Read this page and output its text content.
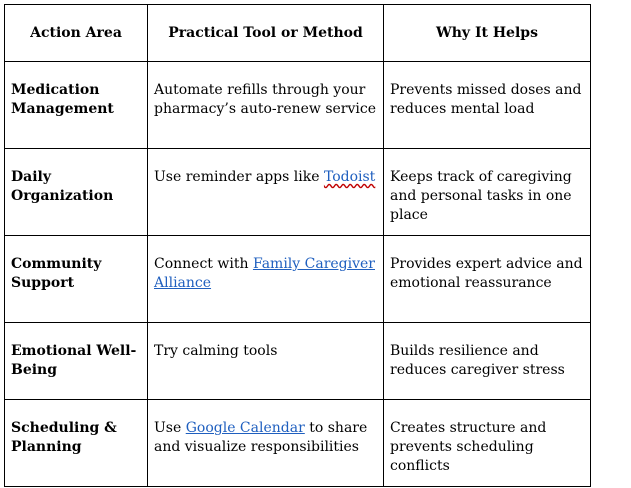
Action Area	Practical Tool or Method	Why It Helps

Medication Management	Automate refills through your pharmacy’s auto-renew service	Prevents missed doses and reduces mental load

Daily Organization	Use reminder apps like Todoist	Keeps track of caregiving and personal tasks in one place

Community Support	Connect with Family Caregiver Alliance	Provides expert advice and emotional reassurance

Emotional Well-Being	Try calming tools	Builds resilience and reduces caregiver stress

Scheduling & Planning	Use Google Calendar to share and visualize responsibilities	Creates structure and prevents scheduling conflicts
